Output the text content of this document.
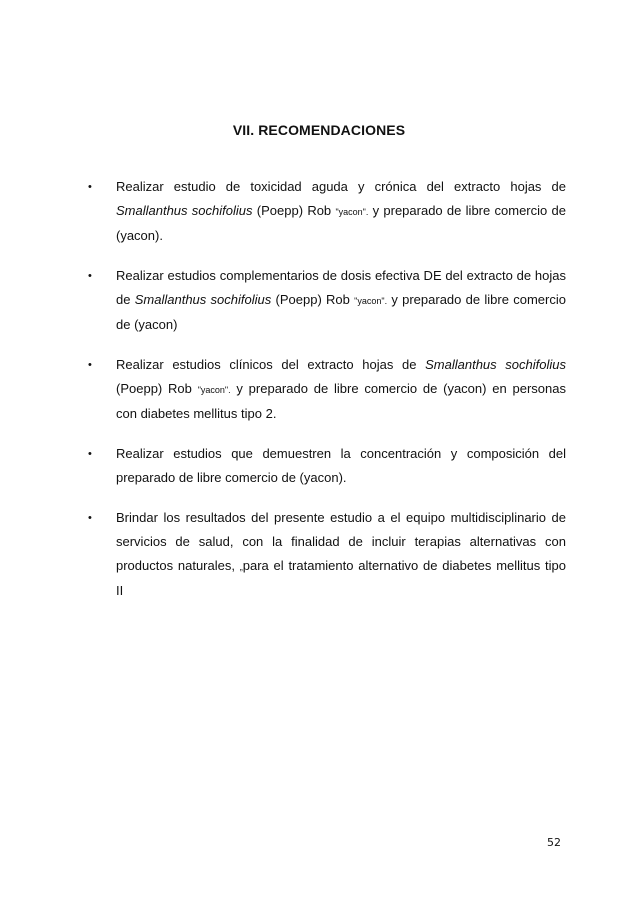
VII. RECOMENDACIONES
• Realizar estudio de toxicidad aguda y crónica del extracto hojas de Smallanthus sochifolius (Poepp) Rob "yacon". y preparado de libre comercio de (yacon).
• Realizar estudios complementarios de dosis efectiva DE del extracto de hojas de Smallanthus sochifolius (Poepp) Rob "yacon". y preparado de libre comercio de (yacon)
• Realizar estudios clínicos del extracto hojas de Smallanthus sochifolius (Poepp) Rob "yacon". y preparado de libre comercio de (yacon) en personas con diabetes mellitus tipo 2.
• Realizar estudios que demuestren la concentración y composición del preparado de libre comercio de (yacon).
• Brindar los resultados del presente estudio a el equipo multidisciplinario de servicios de salud, con la finalidad de incluir terapias alternativas con productos naturales, „para el tratamiento alternativo de diabetes mellitus tipo II
52
